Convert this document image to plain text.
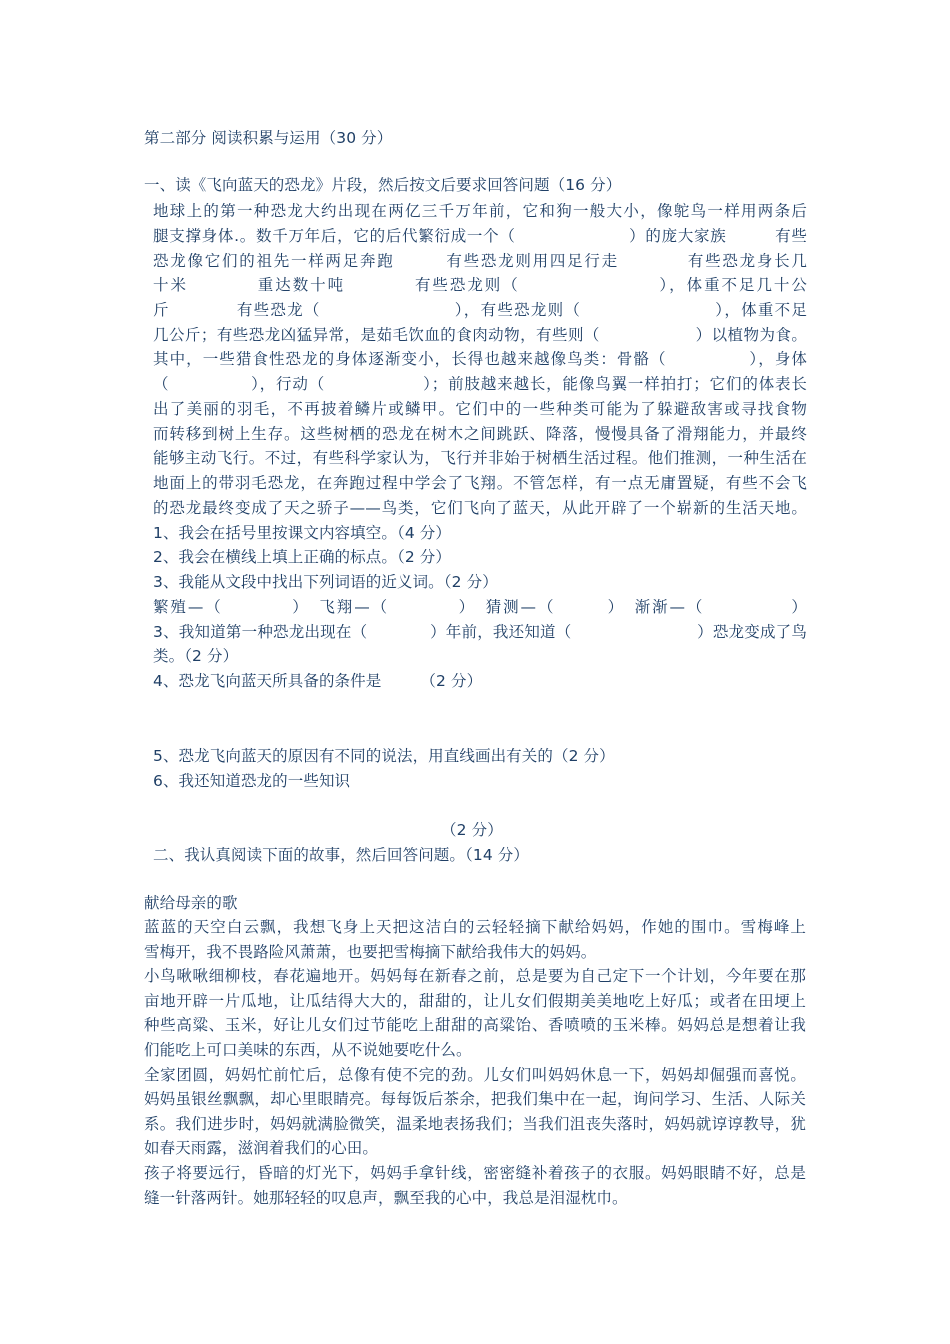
第二部分 阅读积累与运用（30 分）
一、读《飞向蓝天的恐龙》片段，然后按文后要求回答问题（16 分）
地球上的第一种恐龙大约出现在两亿三千万年前，它和狗一般大小，像鸵鸟一样用两条后
腿支撑身体.。数千万年后，它的后代繁衍成一个（　　　　　　　）的庞大家族　　　有些
恐龙像它们的祖先一样两足奔跑　　　有些恐龙则用四足行走　　　　有些恐龙身长几
十米　　　　重达数十吨　　　　有些恐龙则（　　　　　　　　），体重不足几十公
斤　　　　有些恐龙（　　　　　　　　），有些恐龙则（　　　　　　　　），体重不足
几公斤；有些恐龙凶猛异常，是茹毛饮血的食肉动物，有些则（　　　　　　）以植物为食。
其中，一些猎食性恐龙的身体逐渐变小，长得也越来越像鸟类：骨骼（　　　　　），身体
（　　　　　），行动（　　　　　　）；前肢越来越长，能像鸟翼一样拍打；它们的体表长
出了美丽的羽毛，不再披着鳞片或鳞甲。它们中的一些种类可能为了躲避敌害或寻找食物
而转移到树上生存。这些树栖的恐龙在树木之间跳跃、降落，慢慢具备了滑翔能力，并最终
能够主动飞行。不过，有些科学家认为，飞行并非始于树栖生活过程。他们推测，一种生活在
地面上的带羽毛恐龙，在奔跑过程中学会了飞翔。不管怎样，有一点无庸置疑，有些不会飞
的恐龙最终变成了天之骄子——鸟类，它们飞向了蓝天，从此开辟了一个崭新的生活天地。
1、我会在括号里按课文内容填空。（4 分）
2、我会在横线上填上正确的标点。（2 分）
3、我能从文段中找出下列词语的近义词。（2 分）
繁殖—（　　　　）　飞翔—（　　　　）　猜测—（　　　）　渐渐—（　　　　　）
3、我知道第一种恐龙出现在（　　　　）年前，我还知道（　　　　　　　　）恐龙变成了鸟
类。（2 分）
4、恐龙飞向蓝天所具备的条件是　　　（2 分）
5、恐龙飞向蓝天的原因有不同的说法，用直线画出有关的（2 分）
6、我还知道恐龙的一些知识
（2 分）
二、我认真阅读下面的故事，然后回答问题。（14 分）
献给母亲的歌
蓝蓝的天空白云飘，我想飞身上天把这洁白的云轻轻摘下献给妈妈，作她的围巾。雪梅峰上
雪梅开，我不畏路险风萧萧，也要把雪梅摘下献给我伟大的妈妈。
小鸟啾啾细柳枝，春花遍地开。妈妈每在新春之前，总是要为自己定下一个计划，今年要在那
亩地开辟一片瓜地，让瓜结得大大的，甜甜的，让儿女们假期美美地吃上好瓜；或者在田埂上
种些高粱、玉米，好让儿女们过节能吃上甜甜的高粱饴、香喷喷的玉米棒。妈妈总是想着让我
们能吃上可口美味的东西，从不说她要吃什么。
全家团圆，妈妈忙前忙后，总像有使不完的劲。儿女们叫妈妈休息一下，妈妈却倔强而喜悦。
妈妈虽银丝飘飘，却心里眼睛亮。每每饭后茶余，把我们集中在一起，询问学习、生活、人际关
系。我们进步时，妈妈就满脸微笑，温柔地表扬我们；当我们沮丧失落时，妈妈就谆谆教导，犹
如春天雨露，滋润着我们的心田。
孩子将要远行，昏暗的灯光下，妈妈手拿针线，密密缝补着孩子的衣服。妈妈眼睛不好，总是
缝一针落两针。她那轻轻的叹息声，飘至我的心中，我总是泪湿枕巾。
